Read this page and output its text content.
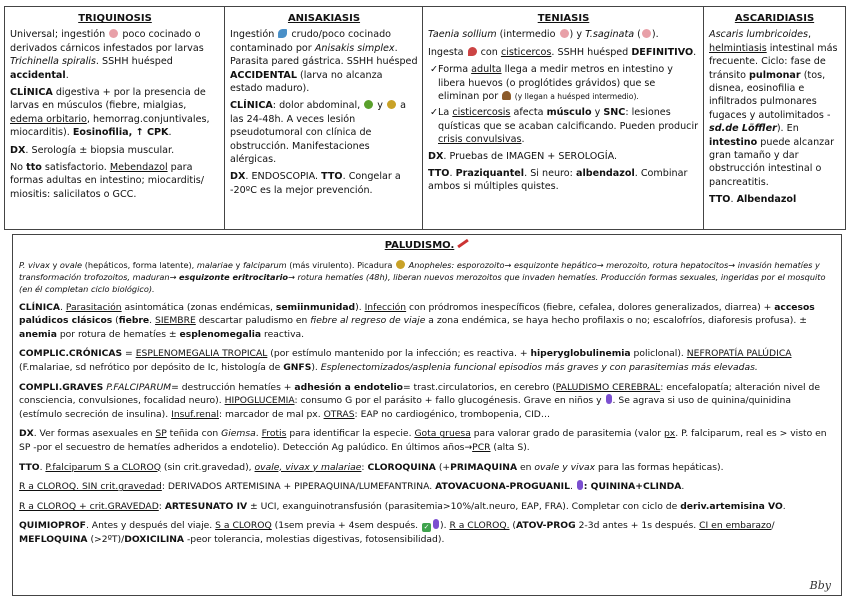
TRIQUINOSIS
Universal; ingestión poco cocinado o derivados cárnicos infestados por larvas Trichinella spiralis. SSHH huésped accidental.
CLÍNICA digestiva + por la presencia de larvas en músculos (fiebre, mialgias, edema orbitario, hemorrag.conjuntivales, miocarditis). Eosinofilia, ↑ CPK.
DX. Serología ± biopsia muscular.
No tto satisfactorio. Mebendazol para formas adultas en intestino; miocarditis/ miositis: salicilatos o GCC.
ANISAKIASIS
Ingestión  crudo/poco cocinado contaminado por Anisakis simplex. Parasita pared gástrica. SSHH huésped ACCIDENTAL (larva no alcanza estado maduro).
CLÍNICA: dolor abdominal,  y  a las 24-48h. A veces lesión pseudotumoral con clínica de obstrucción. Manifestaciones alérgicas.
DX. ENDOSCOPIA. TTO. Congelar a -20ºC es la mejor prevención.
TENIASIS
Taenia sollium (intermedio ) y T.saginata ( ).
Ingesta  con cisticercos. SSHH huésped DEFINITIVO.
✓Forma adulta llega a medir metros en intestino y libera huevos (o proglótides grávidos) que se eliminan por  (y llegan a huésped intermedio).
✓La cisticercosis afecta músculo y SNC: lesiones quísticas que se acaban calcificando. Pueden producir crisis convulsivas.
DX. Pruebas de IMAGEN + SEROLOGÍA.
TTO. Praziquantel. Si neuro: albendazol. Combinar ambos si múltiples quistes.
ASCARIDIASIS
Ascaris lumbricoides, helmintiasis intestinal más frecuente. Ciclo: fase de tránsito pulmonar (tos, disnea, eosinofilia e infiltrados pulmonares fugaces y autolimitados -sd.de Löffler). En intestino puede alcanzar gran tamaño y dar obstrucción intestinal o pancreatitis.
TTO. Albendazol
PALUDISMO.
P. vivax y ovale (hepáticos, forma latente), malariae y falciparum (más virulento). Picadura Anopheles: esporozoito→ esquizonte hepático→ merozoito, rotura hepatocitos→ invasión hematíes y transformación trofozoitos, maduran→ esquizonte eritrocitario→ rotura hematíes (48h), liberan nuevos merozoitos que invaden hematíes. Producción formas sexuales, ingeridas por el mosquito (en él completan ciclo biológico).
CLÍNICA. Parasitación asintomática (zonas endémicas, semiinmunidad). Infección con pródromos inespecíficos (fiebre, cefalea, dolores generalizados, diarrea) + accesos palúdicos clásicos (fiebre. SIEMBRE descartar paludismo en fiebre al regreso de viaje a zona endémica, se haya hecho profilaxis o no; escalofríos, diaforesis profusa). ± anemia por rotura de hematíes ± esplenomegalia reactiva.
COMPLIC.CRÓNICAS = ESPLENOMEGALIA TROPICAL (por estímulo mantenido por la infección; es reactiva. + hiperyglobulinemia policlonal). NEFROPATÍA PALÚDICA (F.malariae, sd nefrótico por depósito de Ic, histología de GNFS). Esplenectomizados/asplenia funcional episodios más graves y con parasitemias más elevadas.
COMPLI.GRAVES P.FALCIPARUM= destrucción hematíes + adhesión a endotelio= trast.circulatorios, en cerebro (PALUDISMO CEREBRAL: encefalopatía; alteración nivel de consciencia, convulsiones, focalidad neuro). HIPOGLUCEMIA: consumo G por el parásito + fallo glucogénesis. Grave en niños y . Se agrava si uso de quinina/quinidina (estímulo secreción de insulina). Insuf.renal: marcador de mal px. OTRAS: EAP no cardiogénico, trombopenia, CID…
DX. Ver formas asexuales en SP teñida con Giemsa. Frotis para identificar la especie. Gota gruesa para valorar grado de parasitemia (valor px. P. falciparum, real es > visto en SP -por el secuestro de hematíes adheridos a endotelio). Detección Ag palúdico. En últimos años→PCR (alta S).
TTO. P.falciparum S a CLOROQ (sin crit.gravedad), ovale, vivax y malariae: CLOROQUINA (+PRIMAQUINA en ovale y vivax para las formas hepáticas).
R a CLOROQ. SIN crit.gravedad: DERIVADOS ARTEMISINA + PIPERAQUINA/LUMEFANTRINA. ATOVACUONA-PROGUANIL. : QUININA+CLINDA.
R a CLOROQ + crit.GRAVEDAD: ARTESUNATO IV ± UCI, exanguinotransfusión (parasitemia>10%/alt.neuro, EAP, FRA). Completar con ciclo de deriv.artemisina VO.
QUIMIOPROF. Antes y después del viaje. S a CLOROQ (1sem previa + 4sem después. ✓ ). R a CLOROQ. (ATOV-PROG 2-3d antes + 1s después. CI en embarazo/ MEFLOQUINA (>2ºT)/DOXICILINA -peor tolerancia, molestias digestivas, fotosensibilidad).
Bby
